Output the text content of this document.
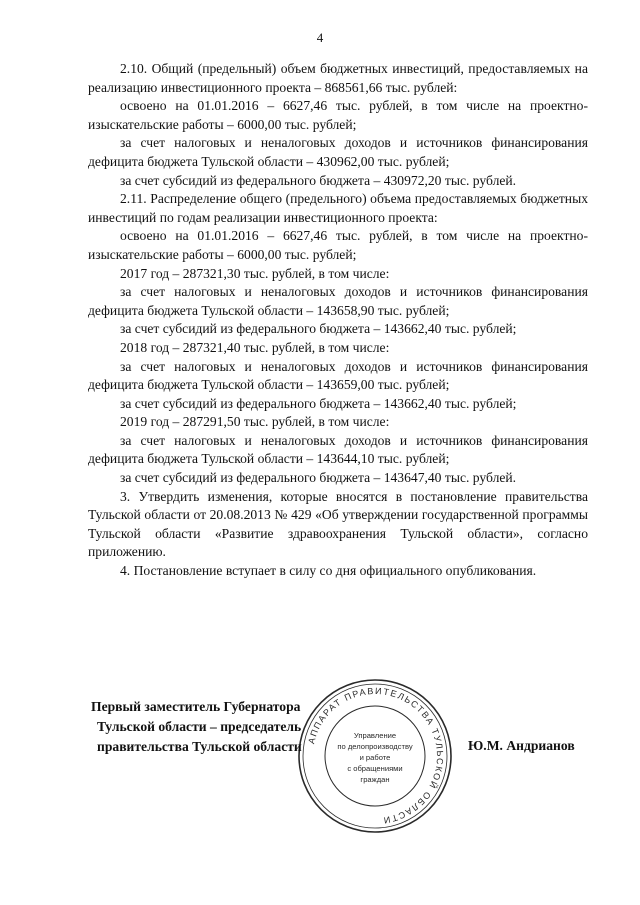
4

2.10. Общий (предельный) объем бюджетных инвестиций, предоставляемых на реализацию инвестиционного проекта – 868561,66 тыс. рублей:

освоено на 01.01.2016 – 6627,46 тыс. рублей, в том числе на проектно-изыскательские работы – 6000,00 тыс. рублей;

за счет налоговых и неналоговых доходов и источников финансирования дефицита бюджета Тульской области – 430962,00 тыс. рублей;

за счет субсидий из федерального бюджета – 430972,20 тыс. рублей.

2.11. Распределение общего (предельного) объема предоставляемых бюджетных инвестиций по годам реализации инвестиционного проекта:

освоено на 01.01.2016 – 6627,46 тыс. рублей, в том числе на проектно-изыскательские работы – 6000,00 тыс. рублей;

2017 год – 287321,30 тыс. рублей, в том числе:

за счет налоговых и неналоговых доходов и источников финансирования дефицита бюджета Тульской области – 143658,90 тыс. рублей;

за счет субсидий из федерального бюджета – 143662,40 тыс. рублей;

2018 год – 287321,40 тыс. рублей, в том числе:

за счет налоговых и неналоговых доходов и источников финансирования дефицита бюджета Тульской области – 143659,00 тыс. рублей;

за счет субсидий из федерального бюджета – 143662,40 тыс. рублей;

2019 год – 287291,50 тыс. рублей, в том числе:

за счет налоговых и неналоговых доходов и источников финансирования дефицита бюджета Тульской области – 143644,10 тыс. рублей;

за счет субсидий из федерального бюджета – 143647,40 тыс. рублей.

3. Утвердить изменения, которые вносятся в постановление правительства Тульской области от 20.08.2013 № 429 «Об утверждении государственной программы Тульской области «Развитие здравоохранения Тульской области», согласно приложению.

4. Постановление вступает в силу со дня официального опубликования.

АППАРАТ ПРАВИТЕЛЬСТВА ТУЛЬСКОЙ ОБЛАСТИ
Управление
по делопроизводству
и работе
с обращениями
граждан
Первый заместитель Губернатора
Тульской области – председатель
правительства Тульской области	Ю.М. Андрианов
